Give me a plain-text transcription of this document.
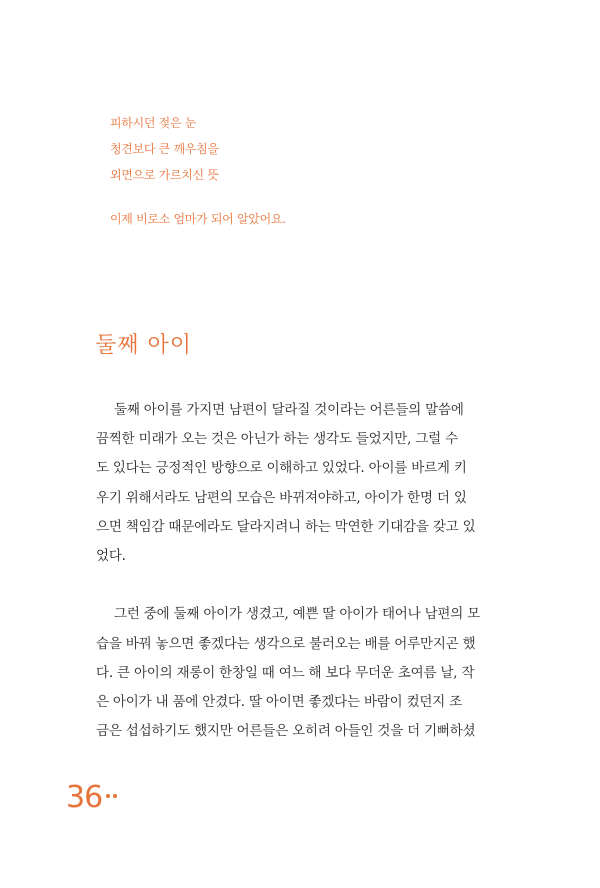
피하시던 젖은 눈
청견보다 큰 깨우침을
외면으로 가르치신 뜻
이제 비로소 엄마가 되어 알았어요.
둘째 아이
둘째 아이를 가지면 남편이 달라질 것이라는 어른들의 말씀에
끔찍한 미래가 오는 것은 아닌가 하는 생각도 들었지만, 그럴 수
도 있다는 긍정적인 방향으로 이해하고 있었다. 아이를 바르게 키
우기 위해서라도 남편의 모습은 바뀌져야하고, 아이가 한명 더 있
으면 책임감 때문에라도 달라지려니 하는 막연한 기대감을 갖고 있
었다.
그런 중에 둘째 아이가 생겼고, 예쁜 딸 아이가 태어나 남편의 모
습을 바꿔 놓으면 좋겠다는 생각으로 불러오는 배를 어루만지곤 했
다. 큰 아이의 재롱이 한창일 때 여느 해 보다 무더운 초여름 날, 작
은 아이가 내 품에 안겼다. 딸 아이면 좋겠다는 바람이 컸던지 조
금은 섭섭하기도 했지만 어른들은 오히려 아들인 것을 더 기뻐하셨
36
